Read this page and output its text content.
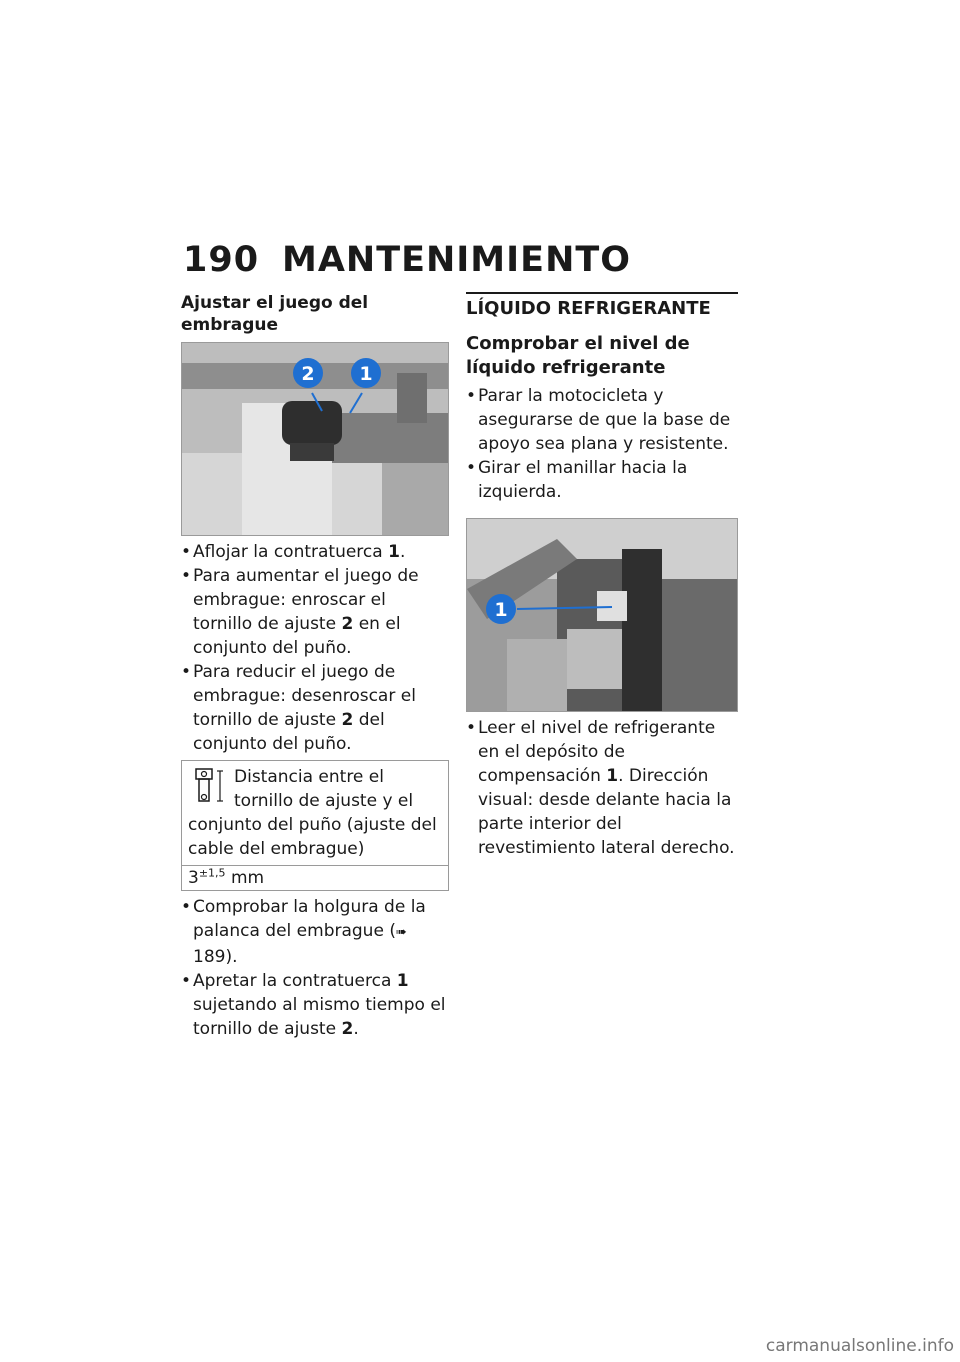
190 MANTENIMIENTO
Ajustar el juego del embrague
2 1
• Aflojar la contratuerca 1.
• Para aumentar el juego de embrague: enroscar el tornillo de ajuste 2 en el conjunto del puño.
• Para reducir el juego de embrague: desenroscar el tornillo de ajuste 2 del conjunto del puño.
Distancia entre el tornillo de ajuste y el conjunto del puño (ajuste del cable del embrague)
$3^{\pm 1,5}$ mm
• Comprobar la holgura de la palanca del embrague (➠ 189).
• Apretar la contratuerca 1 sujetando al mismo tiempo el tornillo de ajuste 2.
LÍQUIDO REFRIGERANTE
Comprobar el nivel de líquido refrigerante
• Parar la motocicleta y asegurarse de que la base de apoyo sea plana y resistente.
• Girar el manillar hacia la izquierda.
1
• Leer el nivel de refrigerante en el depósito de compensación 1. Dirección visual: desde delante hacia la parte interior del revestimiento lateral derecho.
carmanualsonline.info
